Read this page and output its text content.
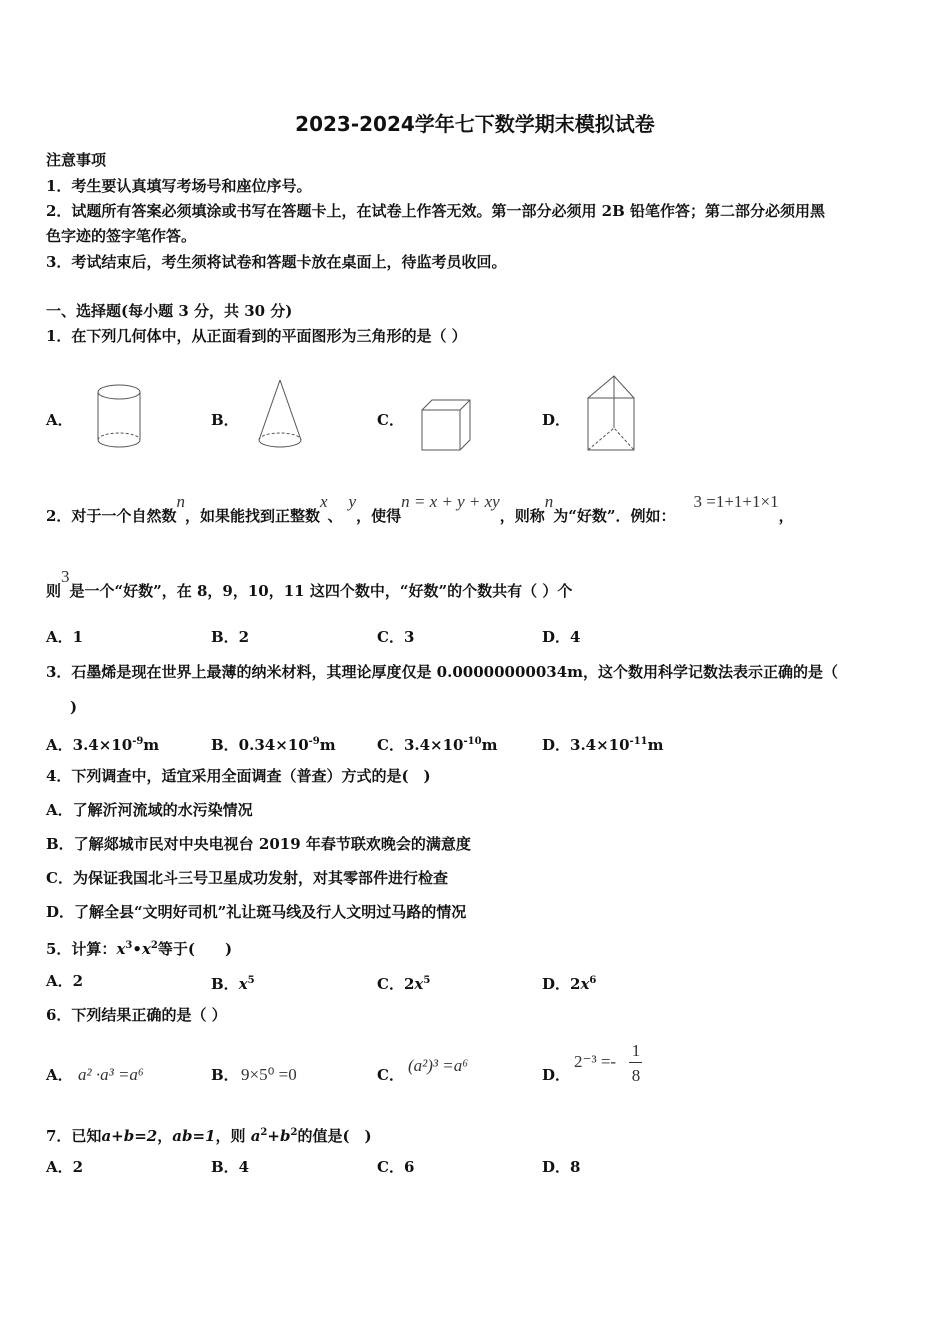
2023-2024学年七下数学期末模拟试卷
注意事项
1．考生要认真填写考场号和座位序号。
2．试题所有答案必须填涂或书写在答题卡上，在试卷上作答无效。第一部分必须用 2B 铅笔作答；第二部分必须用黑
色字迹的签字笔作答。
3．考试结束后，考生须将试卷和答题卡放在桌面上，待监考员收回。
一、选择题(每小题 3 分，共 30 分)
1．在下列几何体中，从正面看到的平面图形为三角形的是（ ）
A．	B．	C．	D．
2．对于一个自然数n，如果能找到正整数x、y，使得n = x + y + xy，则称n为“好数”．例如：3 =1+1+1×1，
则3是一个“好数”，在 8，9，10，11 这四个数中，“好数”的个数共有（ ）个
A．1	B．2	C．3	D．4
3．石墨烯是现在世界上最薄的纳米材料，其理论厚度仅是 0.00000000034m，这个数用科学记数法表示正确的是（
)
A．$3.4\times 10^{-9}m$	B．$0.34\times 10^{-9}m$	C．$3.4\times 10^{-10}m$	D．$3.4\times 10^{-11}m$
4．下列调查中，适宜采用全面调查（普查）方式的是(　)
A．了解沂河流域的水污染情况
B．了解郯城市民对中央电视台 2019 年春节联欢晚会的满意度
C．为保证我国北斗三号卫星成功发射，对其零部件进行检查
D．了解全县“文明好司机”礼让斑马线及行人文明过马路的情况
5．计算：$x^3•x^2$等于(　　)
A．2	B．$x^5$	C．$2x^5$	D．$2x^6$
6．下列结果正确的是（ ）
A． a² ·a³ =a⁶	B． 9×5⁰ =0	C． (a²)³ =a⁶	D．
2⁻³ =-
1
8
7．已知a+b=2，ab=1，则 $a^2+b^2$的值是(　)
A．2	B．4	C．6	D．8
